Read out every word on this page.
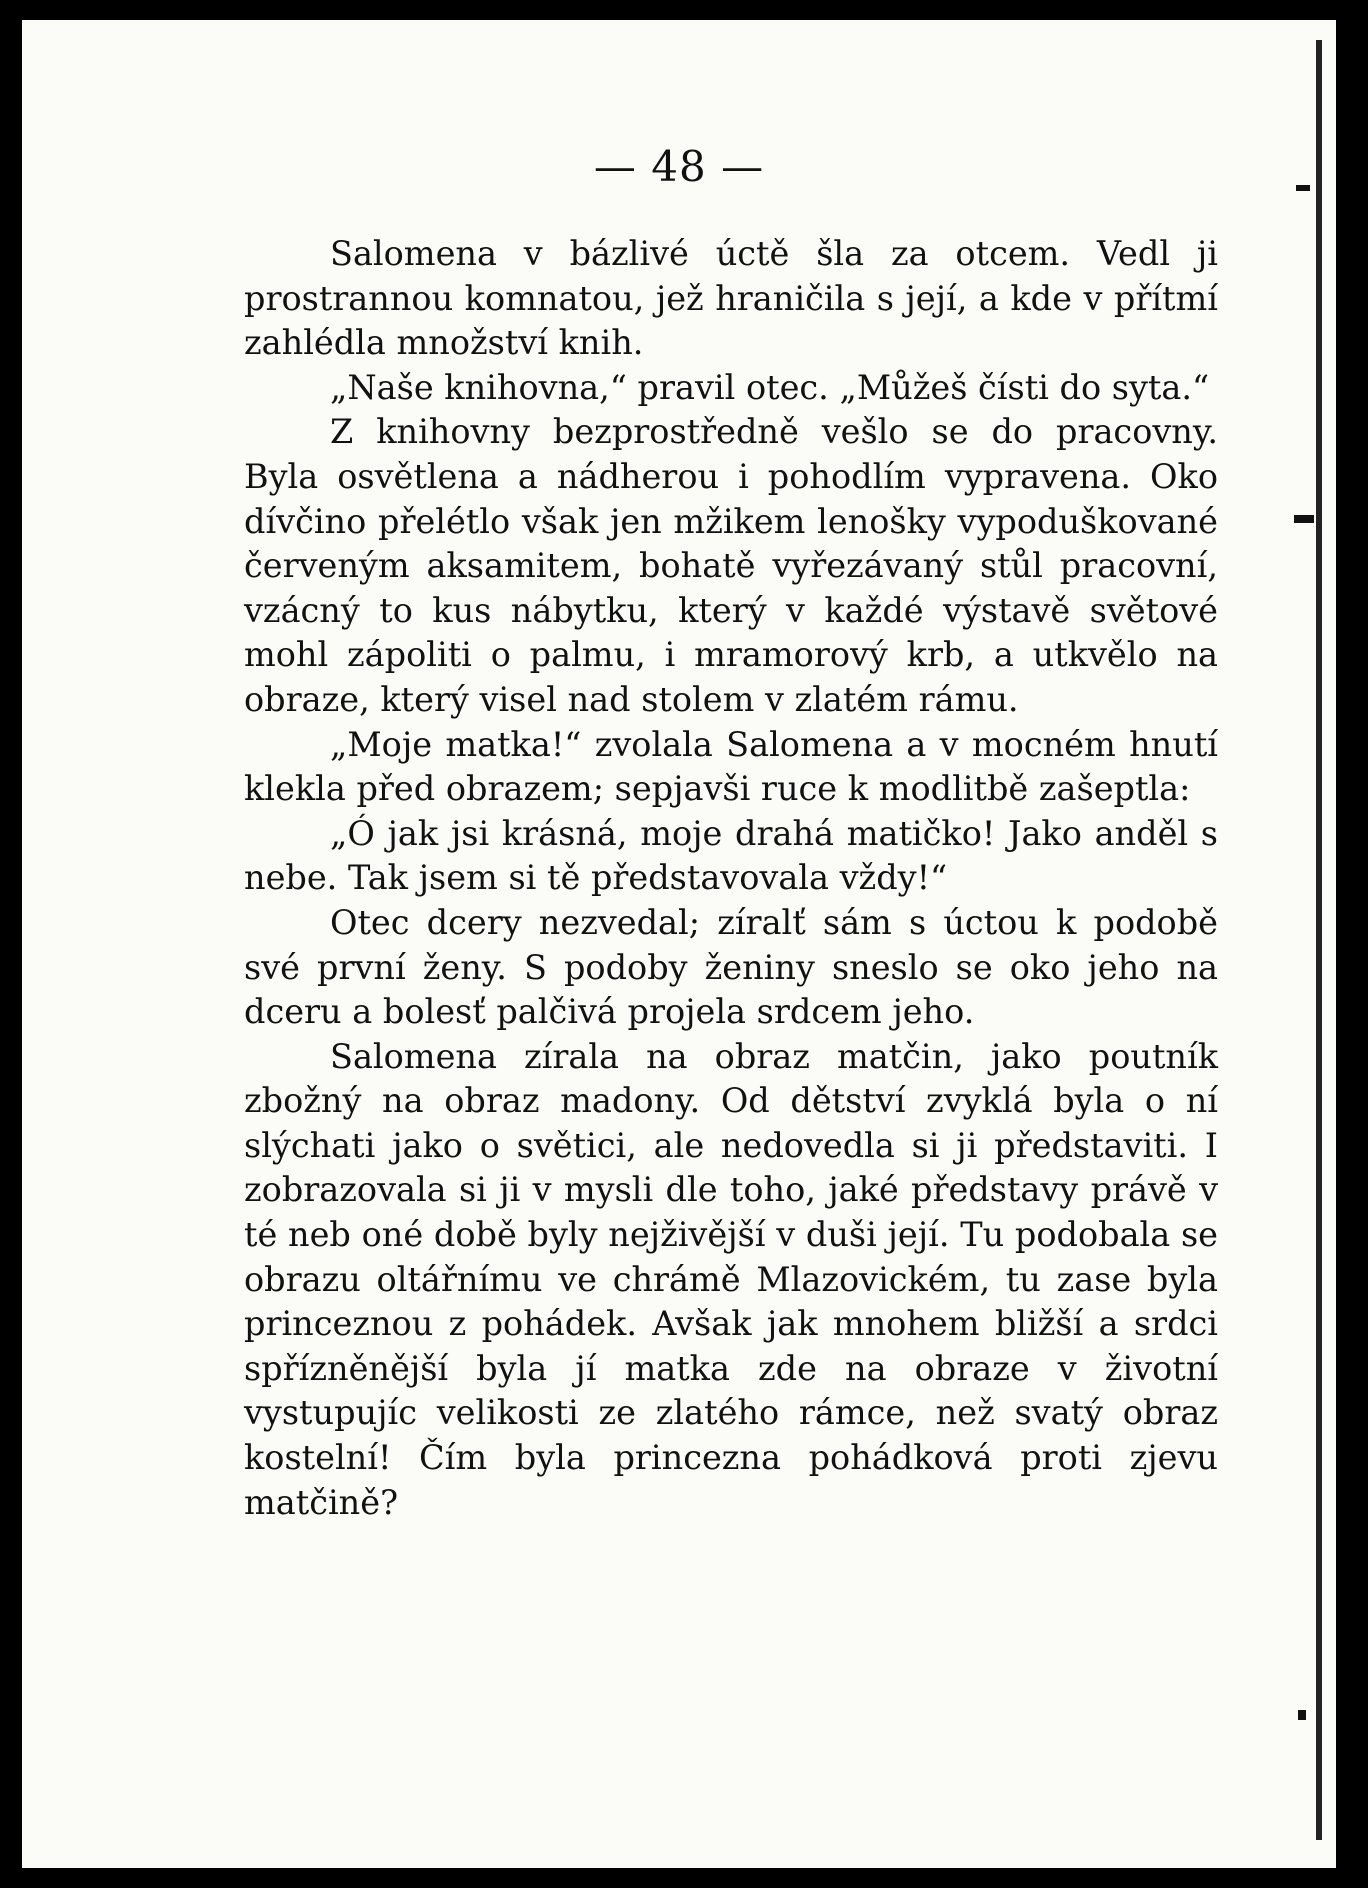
— 48 —

Salomena v bázlivé úctě šla za otcem. Vedl ji prostrannou komnatou, jež hraničila s její, a kde v přítmí zahlédla množství knih.

„Naše knihovna,“ pravil otec. „Můžeš čísti do syta.“

Z knihovny bezprostředně vešlo se do pracovny. Byla osvětlena a nádherou i pohodlím vypravena. Oko dívčino přelétlo však jen mžikem lenošky vypoduškované červeným aksamitem, bohatě vyřezávaný stůl pracovní, vzácný to kus nábytku, který v každé výstavě světové mohl zápoliti o palmu, i mramorový krb, a utkvělo na obraze, který visel nad stolem v zlatém rámu.

„Moje matka!“ zvolala Salomena a v mocném hnutí klekla před obrazem; sepjavši ruce k modlitbě zašeptla:

„Ó jak jsi krásná, moje drahá matičko! Jako anděl s nebe. Tak jsem si tě představovala vždy!“

Otec dcery nezvedal; zíralť sám s úctou k podobě své první ženy. S podoby ženiny sneslo se oko jeho na dceru a bolesť palčivá projela srdcem jeho.

Salomena zírala na obraz matčin, jako poutník zbožný na obraz madony. Od dětství zvyklá byla o ní slýchati jako o světici, ale nedovedla si ji představiti. I zobrazovala si ji v mysli dle toho, jaké představy právě v té neb oné době byly nejživější v duši její. Tu podobala se obrazu oltářnímu ve chrámě Mlazovickém, tu zase byla princeznou z pohádek. Avšak jak mnohem bližší a srdci spřízněnější byla jí matka zde na obraze v životní vystupujíc velikosti ze zlatého rámce, než svatý obraz kostelní! Čím byla princezna pohádková proti zjevu matčině?
